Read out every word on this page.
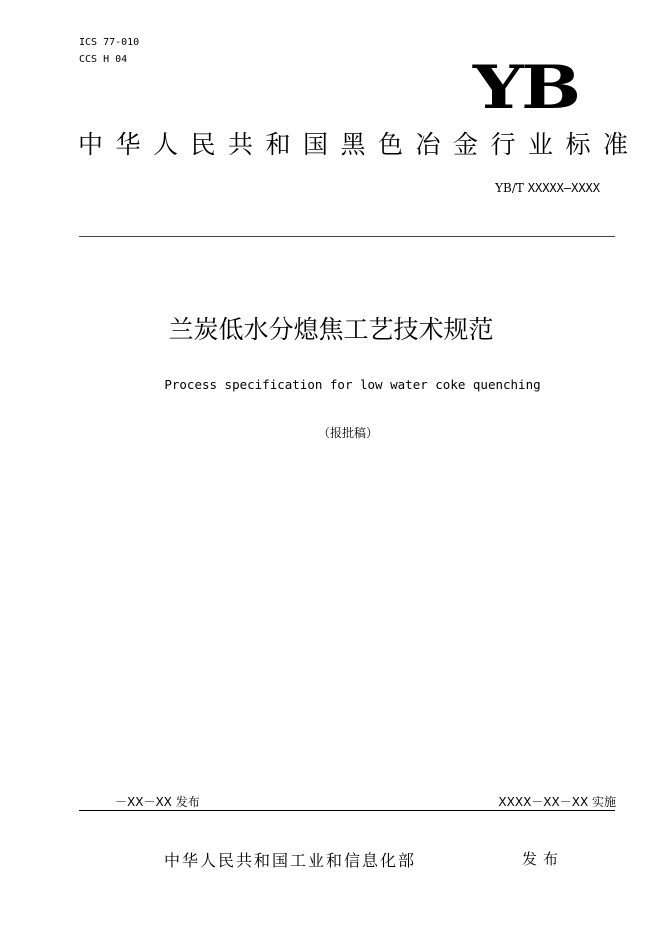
ICS 77-010
CCS H 04	YB
中华人民共和国黑色冶金行业标准
YB/T XXXXX—XXXX
兰炭低水分熄焦工艺技术规范
Process specification for low water coke quenching
（报批稿）
－XX－XX 发布	XXXX－XX－XX 实施
中华人民共和国工业和信息化部	发布
